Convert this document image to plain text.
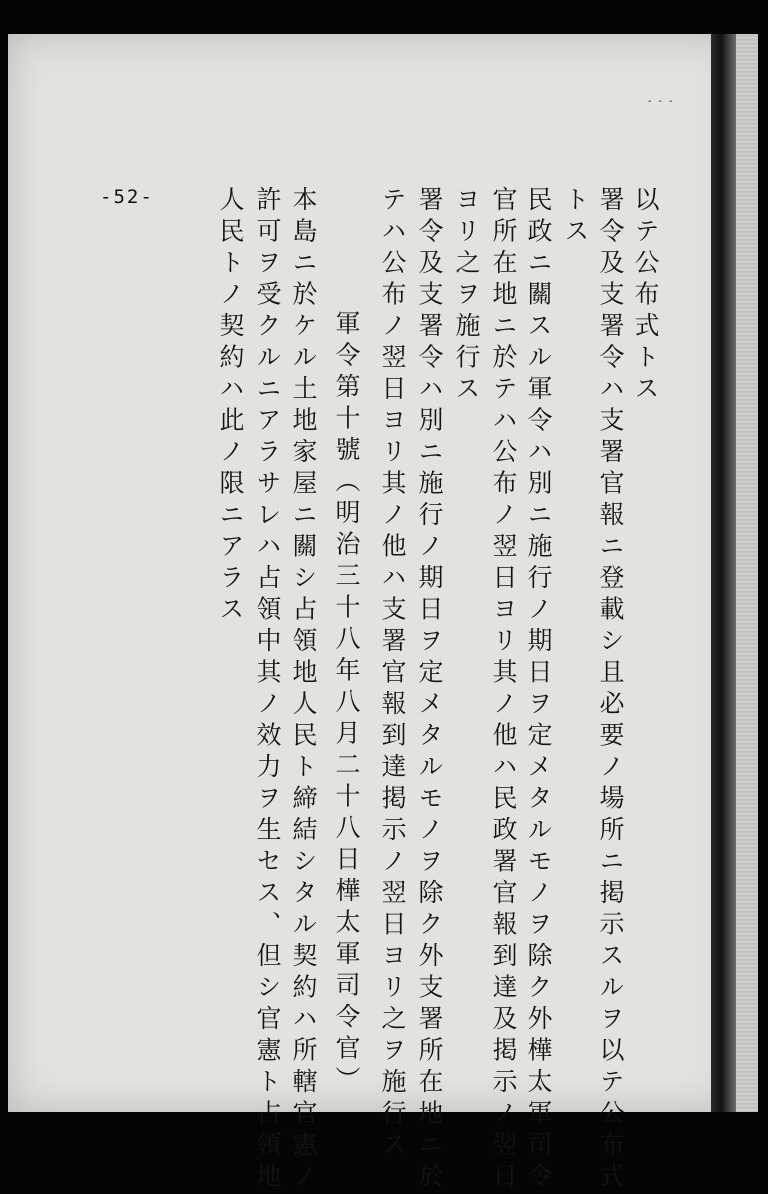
‐ ‐ ‐
-52-	以テ公布式トス
署令及支署令ハ支署官報ニ登載シ且必要ノ場所ニ掲示スルヲ以テ公布式
トス
民政ニ關スル軍令ハ別ニ施行ノ期日ヲ定メタルモノヲ除ク外樺太軍司令
官所在地ニ於テハ公布ノ翌日ヨリ其ノ他ハ民政署官報到達及掲示ノ翌日
ヨリ之ヲ施行ス
署令及支署令ハ別ニ施行ノ期日ヲ定メタルモノヲ除ク外支署所在地ニ於
テハ公布ノ翌日ヨリ其ノ他ハ支署官報到達掲示ノ翌日ヨリ之ヲ施行ス
軍令第十號（明治三十八年八月二十八日樺太軍司令官）
本島ニ於ケル土地家屋ニ關シ占領地人民ト締結シタル契約ハ所轄官憲ノ
許可ヲ受クルニアラサレハ占領中其ノ效力ヲ生セス、但シ官憲ト占領地
人民トノ契約ハ此ノ限ニアラス
